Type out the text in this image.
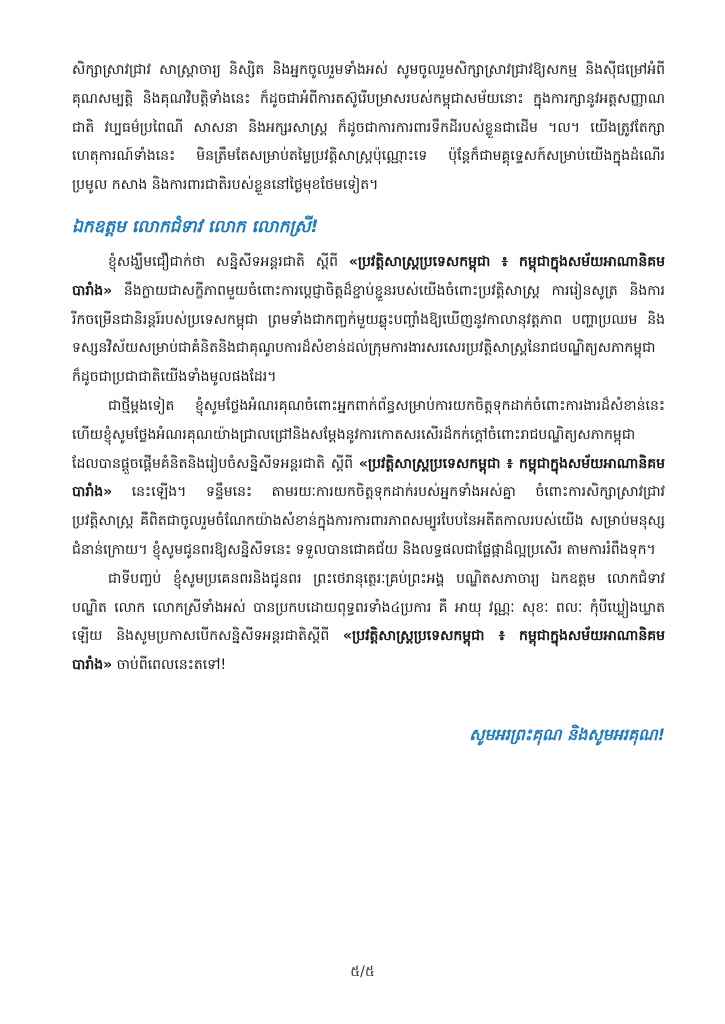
សិក្សាស្រាវជ្រាវ សាស្ត្រាចារ្យ និស្សិត និងអ្នកចូលរួមទាំងអស់ សូមចូលរួមសិក្សាស្រាវជ្រាវឱ្យសកម្ម និងស៊ីជម្រៅអំពីគុណសម្បត្តិ និងគុណវិបត្តិទាំងនេះ ក៏ដូចជាអំពីការតស៊ូរើបម្រាសរបស់កម្ពុជាសម័យនោះ ក្នុងការក្សានូវអត្តសញ្ញាណជាតិ វប្បធម៌ប្រពៃណី សាសនា និងអក្សរសាស្ត្រ ក៏ដូចជាការការពារទឹកដីរបស់ខ្លួនជាដើម ។ល។ យើងត្រូវតែក្សាហេតុការណ៍ទាំងនេះ មិនត្រឹមតែសម្រាប់តម្លៃប្រវត្តិសាស្ត្រប៉ុណ្ណោះទេ ប៉ុន្តែក៏ជាមគ្គុទ្ទេសក៍សម្រាប់យើងក្នុងដំណើរប្រមូល កសាង និងការពារជាតិរបស់ខ្លួននៅថ្ងៃមុខថែមទៀត។

ឯកឧត្តម លោកជំទាវ លោក លោកស្រី!

ខ្ញុំសង្ឃឹមជឿជាក់ថា សន្និសីទអន្តរជាតិ ស្តីពី «ប្រវត្តិសាស្ត្រប្រទេសកម្ពុជា ៖ កម្ពុជាក្នុងសម័យអាណានិគមបារាំង» នឹងក្លាយជាសក្ខីភាពមួយចំពោះការប្តេជ្ញាចិត្តដ៏ខ្ជាប់ខ្ជួនរបស់យើងចំពោះប្រវត្តិសាស្ត្រ ការរៀនសូត្រ និងការរីកចម្រើនជានិរន្តរ៍របស់ប្រទេសកម្ពុជា ព្រមទាំងជាកញ្ចក់មួយឆ្លុះបញ្ចាំងឱ្យឃើញនូវកាលានុវត្តភាព បញ្ហាប្រឈម និងទស្សនវិស័យសម្រាប់ជាគំនិតនិងជាគុណូបការដ៏សំខាន់ដល់ក្រុមការងារសរសេរប្រវត្តិសាស្ត្រនៃរាជបណ្ឌិត្យសភាកម្ពុជា ក៏ដូចជាប្រជាជាតិយើងទាំងមូលផងដែរ។

ជាថ្មីម្តងទៀត ខ្ញុំសូមថ្លែងអំណរគុណចំពោះអ្នកពាក់ព័ន្ធសម្រាប់ការយកចិត្តទុកដាក់ចំពោះការងារដ៏សំខាន់នេះ ហើយខ្ញុំសូមថ្លែងអំណរគុណយ៉ាងជ្រាលជ្រៅនិងសម្តែងនូវការកោតសរសើរដ៏កក់ក្តៅចំពោះរាជបណ្ឌិត្យសភាកម្ពុជា ដែលបានផ្តួចផ្តើមគំនិតនិងរៀបចំសន្និសីទអន្តរជាតិ ស្តីពី «ប្រវត្តិសាស្ត្រប្រទេសកម្ពុជា ៖ កម្ពុជាក្នុងសម័យអាណានិគមបារាំង» នេះឡើង។ ទន្ទឹមនេះ តាមរយៈការយកចិត្តទុកដាក់របស់អ្នកទាំងអស់គ្នា ចំពោះការសិក្សាស្រាវជ្រាវប្រវត្តិសាស្ត្រ គឺពិតជាចូលរួមចំណែកយ៉ាងសំខាន់ក្នុងការការពារភាពសម្បូរបែបនៃអតីតកាលរបស់យើង សម្រាប់មនុស្សជំនាន់ក្រោយ។ ខ្ញុំសូមជូនពរឱ្យសន្និសីទនេះ ទទួលបានជោគជ័យ និងលទ្ធផលជាផ្លែផ្កាដ៏ល្អប្រសើរ តាមការរំពឹងទុក។

ជាទីបញ្ចប់ ខ្ញុំសូមប្រគេនពរនិងជូនពរ ព្រះថេរានុត្ថេរៈគ្រប់ព្រះអង្គ បណ្ឌិតសភាចារ្យ ឯកឧត្តម លោកជំទាវ បណ្ឌិត លោក លោកស្រីទាំងអស់ បានប្រកបដោយពុទ្ធពរទាំង៤ប្រការ គឺ អាយុ វណ្ណៈ សុខៈ ពលៈ កុំបីឃ្លៀងឃ្លាតឡើយ និងសូមប្រកាសបើកសន្និសីទអន្តរជាតិស្តីពី «ប្រវត្តិសាស្ត្រប្រទេសកម្ពុជា ៖ កម្ពុជាក្នុងសម័យអាណានិគមបារាំង» ចាប់ពីពេលនេះតទៅ!

សូមអរព្រះគុណ និងសូមអរគុណ!
៥/៥
